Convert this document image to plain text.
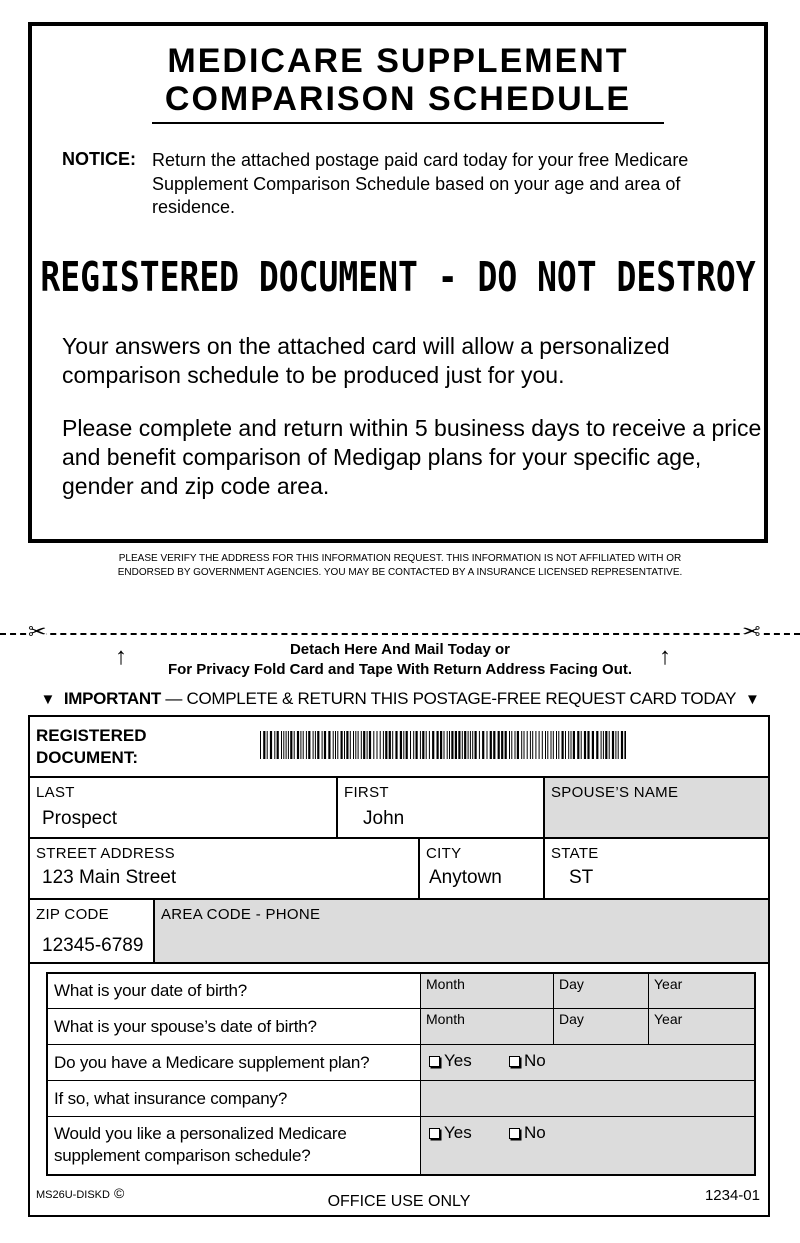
MEDICARE SUPPLEMENT
COMPARISON SCHEDULE
NOTICE: Return the attached postage paid card today for your free Medicare Supplement Comparison Schedule based on your age and area of residence.
REGISTERED DOCUMENT - DO NOT DESTROY
Your answers on the attached card will allow a personalized comparison schedule to be produced just for you.
Please complete and return within 5 business days to receive a price and benefit comparison of Medigap plans for your specific age, gender and zip code area.
PLEASE VERIFY THE ADDRESS FOR THIS INFORMATION REQUEST. THIS INFORMATION IS NOT AFFILIATED WITH OR
ENDORSED BY GOVERNMENT AGENCIES. YOU MAY BE CONTACTED BY A INSURANCE LICENSED REPRESENTATIVE.
✂	✂
↑	↑
Detach Here And Mail Today or
For Privacy Fold Card and Tape With Return Address Facing Out.
▼ IMPORTANT — COMPLETE & RETURN THIS POSTAGE-FREE REQUEST CARD TODAY ▼
REGISTERED
DOCUMENT:
LAST
Prospect
FIRST
John
SPOUSE’S NAME
STREET ADDRESS
123 Main Street
CITY
Anytown
STATE
ST
ZIP CODE
12345-6789
AREA CODE - PHONE
What is your date of birth?	Month	Day	Year
What is your spouse’s date of birth?	Month	Day	Year
Do you have a Medicare supplement plan?	Yes	No
If so, what insurance company?
Would you like a personalized Medicare
supplement comparison schedule?
Yes	No
MS26U-DISKD ©	OFFICE USE ONLY	1234-01
